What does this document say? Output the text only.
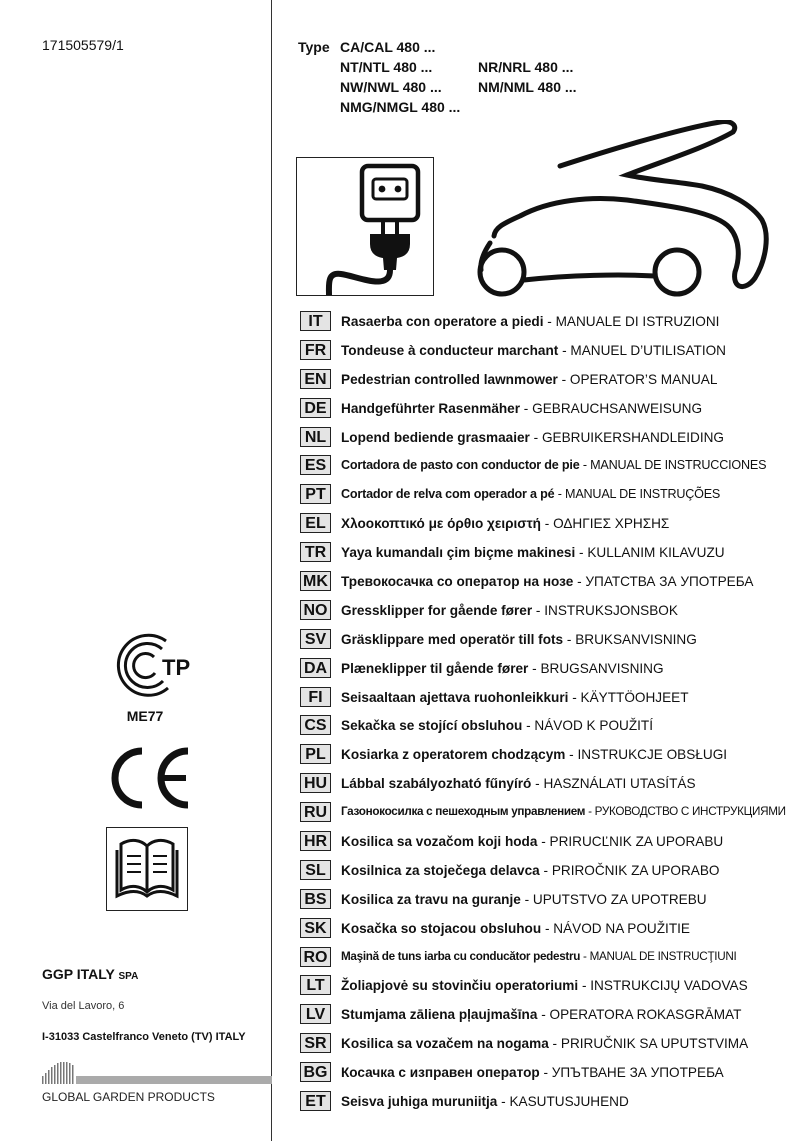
171505579/1	Type CA/CAL 480 ...
NT/NTL 480 ...	NR/NRL 480 ...
NW/NWL 480 ...	NM/NML 480 ...
NMG/NMGL 480 ...
IT	Rasaerba con operatore a piedi - MANUALE DI ISTRUZIONI
FR	Tondeuse à conducteur marchant - MANUEL D’UTILISATION
EN	Pedestrian controlled lawnmower - OPERATOR’S MANUAL
DE	Handgeführter Rasenmäher - GEBRAUCHSANWEISUNG
NL	Lopend bediende grasmaaier - GEBRUIKERSHANDLEIDING
ES	Cortadora de pasto con conductor de pie - MANUAL DE INSTRUCCIONES
PT	Cortador de relva com operador a pé - MANUAL DE INSTRUÇÕES
EL	Χλοοκοπτικό με όρθιο χειριστή - ΟΔΗΓΙΕΣ ΧΡΗΣΗΣ
TR	Yaya kumandalı çim biçme makinesi - KULLANIM KILAVUZU
MK Тревокосачка со оператор на нозе - УПАТСТВА ЗА УПОТРЕБА
NO Gressklipper for gående fører - INSTRUKSJONSBOK
SV	Gräsklippare med operatör till fots - BRUKSANVISNING
DA Plæneklipper til gående fører - BRUGSANVISNING
FI	Seisaaltaan ajettava ruohonleikkuri - KÄYTTÖOHJEET
CS	Sekačka se stojící obsluhou - NÁVOD K POUŽITÍ
PL	Kosiarka z operatorem chodzącym - INSTRUKCJE OBSŁUGI
HU Lábbal szabályozható fűnyíró - HASZNÁLATI UTASÍTÁS
RU	Газонокосилка с пешеходным управлением - РУКОВОДСТВО С ИНСТРУКЦИЯМИ
HR Kosilica sa vozačom koji hoda - PRIRUCĽNIK ZA UPORABU
SL	Kosilnica za stoječega delavca - PRIROČNIK ZA UPORABO
BS	Kosilica za travu na guranje - UPUTSTVO ZA UPOTREBU
SK	Kosačka so stojacou obsluhou - NÁVOD NA POUŽITIE
RO Maşină de tuns iarba cu conducător pedestru - MANUAL DE INSTRUCŢIUNI
LT	Žoliapjovė su stovinčiu operatoriumi - INSTRUKCIJŲ VADOVAS
LV	Stumjama zāliena pļaujmašīna - OPERATORA ROKASGRĀMAT
SR	Kosilica sa vozačem na nogama - PRIRUČNIK SA UPUTSTVIMA
BG Косачка с изправен оператор - УПЪТВАНЕ ЗА УПОТРЕБА
ET	Seisva juhiga muruniitja - KASUTUSJUHEND
TP
ME77
GGP ITALY SPA
Via del Lavoro, 6
I-31033 Castelfranco Veneto (TV) ITALY
GLOBAL GARDEN PRODUCTS
